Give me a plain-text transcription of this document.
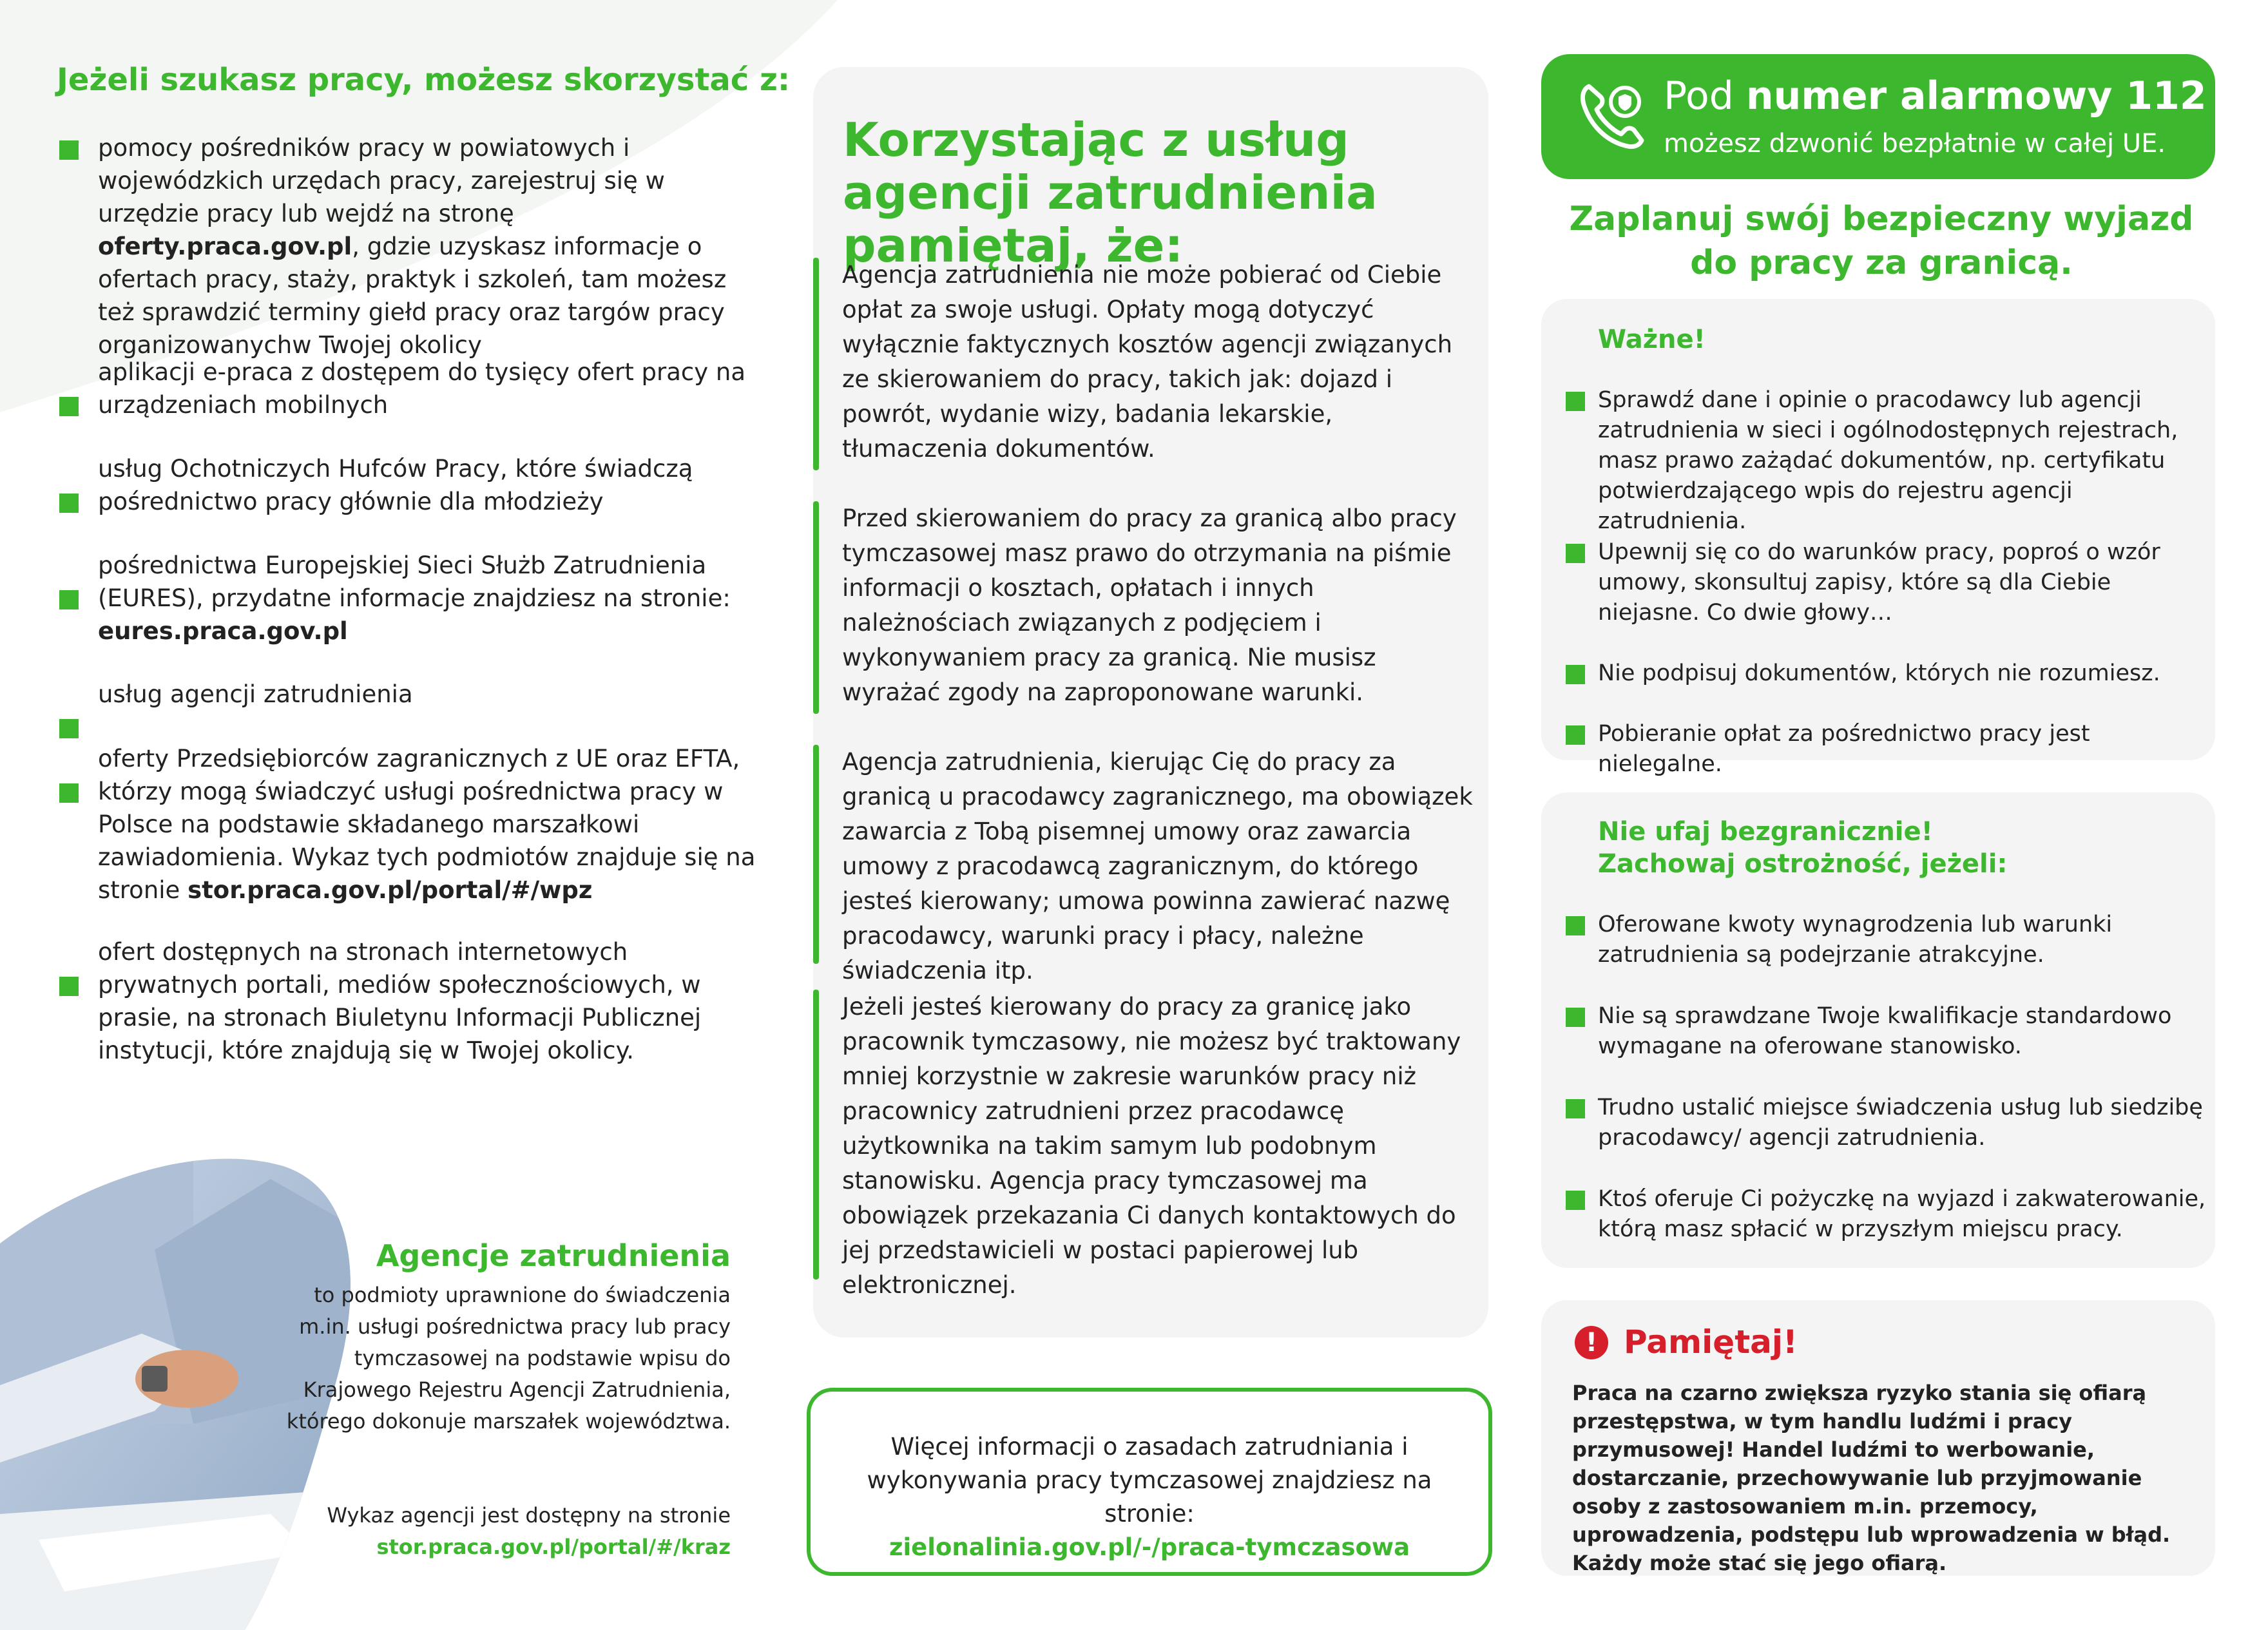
Jeżeli szukasz pracy, możesz skorzystać z:
pomocy pośredników pracy w powiatowych i wojewódzkich urzędach pracy, zarejestruj się w urzędzie pracy lub wejdź na stronę oferty.praca.gov.pl, gdzie uzyskasz informacje o ofertach pracy, staży, praktyk i szkoleń, tam możesz też sprawdzić terminy giełd pracy oraz targów pracy organizowanychw Twojej okolicy
aplikacji e-praca z dostępem do tysięcy ofert pracy na urządzeniach mobilnych
usług Ochotniczych Hufców Pracy, które świadczą pośrednictwo pracy głównie dla młodzieży
pośrednictwa Europejskiej Sieci Służb Zatrudnienia (EURES), przydatne informacje znajdziesz na stronie: eures.praca.gov.pl
usług agencji zatrudnienia
oferty Przedsiębiorców zagranicznych z UE oraz EFTA, którzy mogą świadczyć usługi pośrednictwa pracy w Polsce na podstawie składanego marszałkowi zawiadomienia. Wykaz tych podmiotów znajduje się na stronie stor.praca.gov.pl/portal/#/wpz
ofert dostępnych na stronach internetowych prywatnych portali, mediów społecznościowych, w prasie, na stronach Biuletynu Informacji Publicznej instytucji, które znajdują się w Twojej okolicy.
Agencje zatrudnienia
to podmioty uprawnione do świadczenia m.in. usługi pośrednictwa pracy lub pracy tymczasowej na podstawie wpisu do Krajowego Rejestru Agencji Zatrudnienia, którego dokonuje marszałek województwa.
Wykaz agencji jest dostępny na stronie
stor.praca.gov.pl/portal/#/kraz
Korzystając z usług agencji zatrudnienia pamiętaj, że:
Agencja zatrudnienia nie może pobierać od Ciebie opłat za swoje usługi. Opłaty mogą dotyczyć wyłącznie faktycznych kosztów agencji związanych ze skierowaniem do pracy, takich jak: dojazd i powrót, wydanie wizy, badania lekarskie, tłumaczenia dokumentów.
Przed skierowaniem do pracy za granicą albo pracy tymczasowej masz prawo do otrzymania na piśmie informacji o kosztach, opłatach i innych należnościach związanych z podjęciem i wykonywaniem pracy za granicą. Nie musisz wyrażać zgody na zaproponowane warunki.
Agencja zatrudnienia, kierując Cię do pracy za granicą u pracodawcy zagranicznego, ma obowiązek zawarcia z Tobą pisemnej umowy oraz zawarcia umowy z pracodawcą zagranicznym, do którego jesteś kierowany; umowa powinna zawierać nazwę pracodawcy, warunki pracy i płacy, należne świadczenia itp.
Jeżeli jesteś kierowany do pracy za granicę jako pracownik tymczasowy, nie możesz być traktowany mniej korzystnie w zakresie warunków pracy niż pracownicy zatrudnieni przez pracodawcę użytkownika na takim samym lub podobnym stanowisku. Agencja pracy tymczasowej ma obowiązek przekazania Ci danych kontaktowych do jej przedstawicieli w postaci papierowej lub elektronicznej.
Więcej informacji o zasadach zatrudniania i wykonywania pracy tymczasowej znajdziesz na stronie:
zielonalinia.gov.pl/-/praca-tymczasowa
Pod numer alarmowy 112
możesz dzwonić bezpłatnie w całej UE.
Zaplanuj swój bezpieczny wyjazd do pracy za granicą.
Ważne!
Sprawdź dane i opinie o pracodawcy lub agencji zatrudnienia w sieci i ogólnodostępnych rejestrach, masz prawo zażądać dokumentów, np. certyfikatu potwierdzającego wpis do rejestru agencji zatrudnienia.
Upewnij się co do warunków pracy, poproś o wzór umowy, skonsultuj zapisy, które są dla Ciebie niejasne. Co dwie głowy…
Nie podpisuj dokumentów, których nie rozumiesz.
Pobieranie opłat za pośrednictwo pracy jest nielegalne.
Nie ufaj bezgranicznie!
Zachowaj ostrożność, jeżeli:
Oferowane kwoty wynagrodzenia lub warunki zatrudnienia są podejrzanie atrakcyjne.
Nie są sprawdzane Twoje kwalifikacje standardowo wymagane na oferowane stanowisko.
Trudno ustalić miejsce świadczenia usług lub siedzibę pracodawcy/ agencji zatrudnienia.
Ktoś oferuje Ci pożyczkę na wyjazd i zakwaterowanie, którą masz spłacić w przyszłym miejscu pracy.
! Pamiętaj!
Praca na czarno zwiększa ryzyko stania się ofiarą przestępstwa, w tym handlu ludźmi i pracy przymusowej! Handel ludźmi to werbowanie, dostarczanie, przechowywanie lub przyjmowanie osoby z zastosowaniem m.in. przemocy, uprowadzenia, podstępu lub wprowadzenia w błąd. Każdy może stać się jego ofiarą.
